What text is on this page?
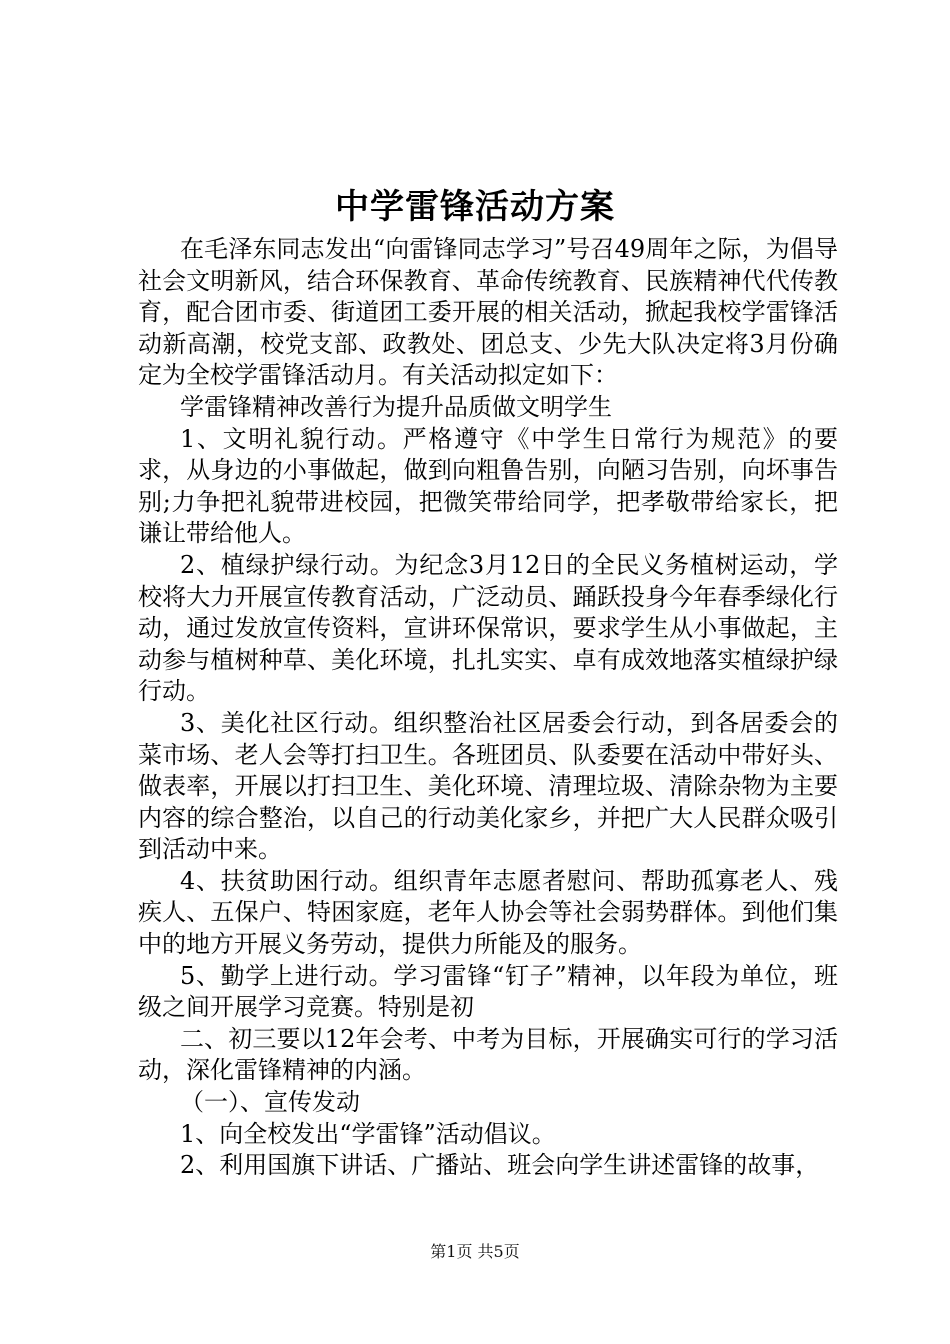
中学雷锋活动方案

在毛泽东同志发出“向雷锋同志学习”号召49周年之际，为倡导社会文明新风，结合环保教育、革命传统教育、民族精神代代传教育，配合团市委、街道团工委开展的相关活动，掀起我校学雷锋活动新高潮，校党支部、政教处、团总支、少先大队决定将3月份确定为全校学雷锋活动月。有关活动拟定如下：

学雷锋精神改善行为提升品质做文明学生

1、文明礼貌行动。严格遵守《中学生日常行为规范》的要求，从身边的小事做起，做到向粗鲁告别，向陋习告别，向坏事告别;力争把礼貌带进校园，把微笑带给同学，把孝敬带给家长，把谦让带给他人。

2、植绿护绿行动。为纪念3月12日的全民义务植树运动，学校将大力开展宣传教育活动，广泛动员、踊跃投身今年春季绿化行动，通过发放宣传资料，宣讲环保常识，要求学生从小事做起，主动参与植树种草、美化环境，扎扎实实、卓有成效地落实植绿护绿行动。

3、美化社区行动。组织整治社区居委会行动，到各居委会的菜市场、老人会等打扫卫生。各班团员、队委要在活动中带好头、做表率，开展以打扫卫生、美化环境、清理垃圾、清除杂物为主要内容的综合整治，以自己的行动美化家乡，并把广大人民群众吸引到活动中来。

4、扶贫助困行动。组织青年志愿者慰问、帮助孤寡老人、残疾人、五保户、特困家庭，老年人协会等社会弱势群体。到他们集中的地方开展义务劳动，提供力所能及的服务。

5、勤学上进行动。学习雷锋“钉子”精神，以年段为单位，班级之间开展学习竞赛。特别是初

二、初三要以12年会考、中考为目标，开展确实可行的学习活动，深化雷锋精神的内涵。

（一）、宣传发动

1、向全校发出“学雷锋”活动倡议。

2、利用国旗下讲话、广播站、班会向学生讲述雷锋的故事，

第1页 共5页
